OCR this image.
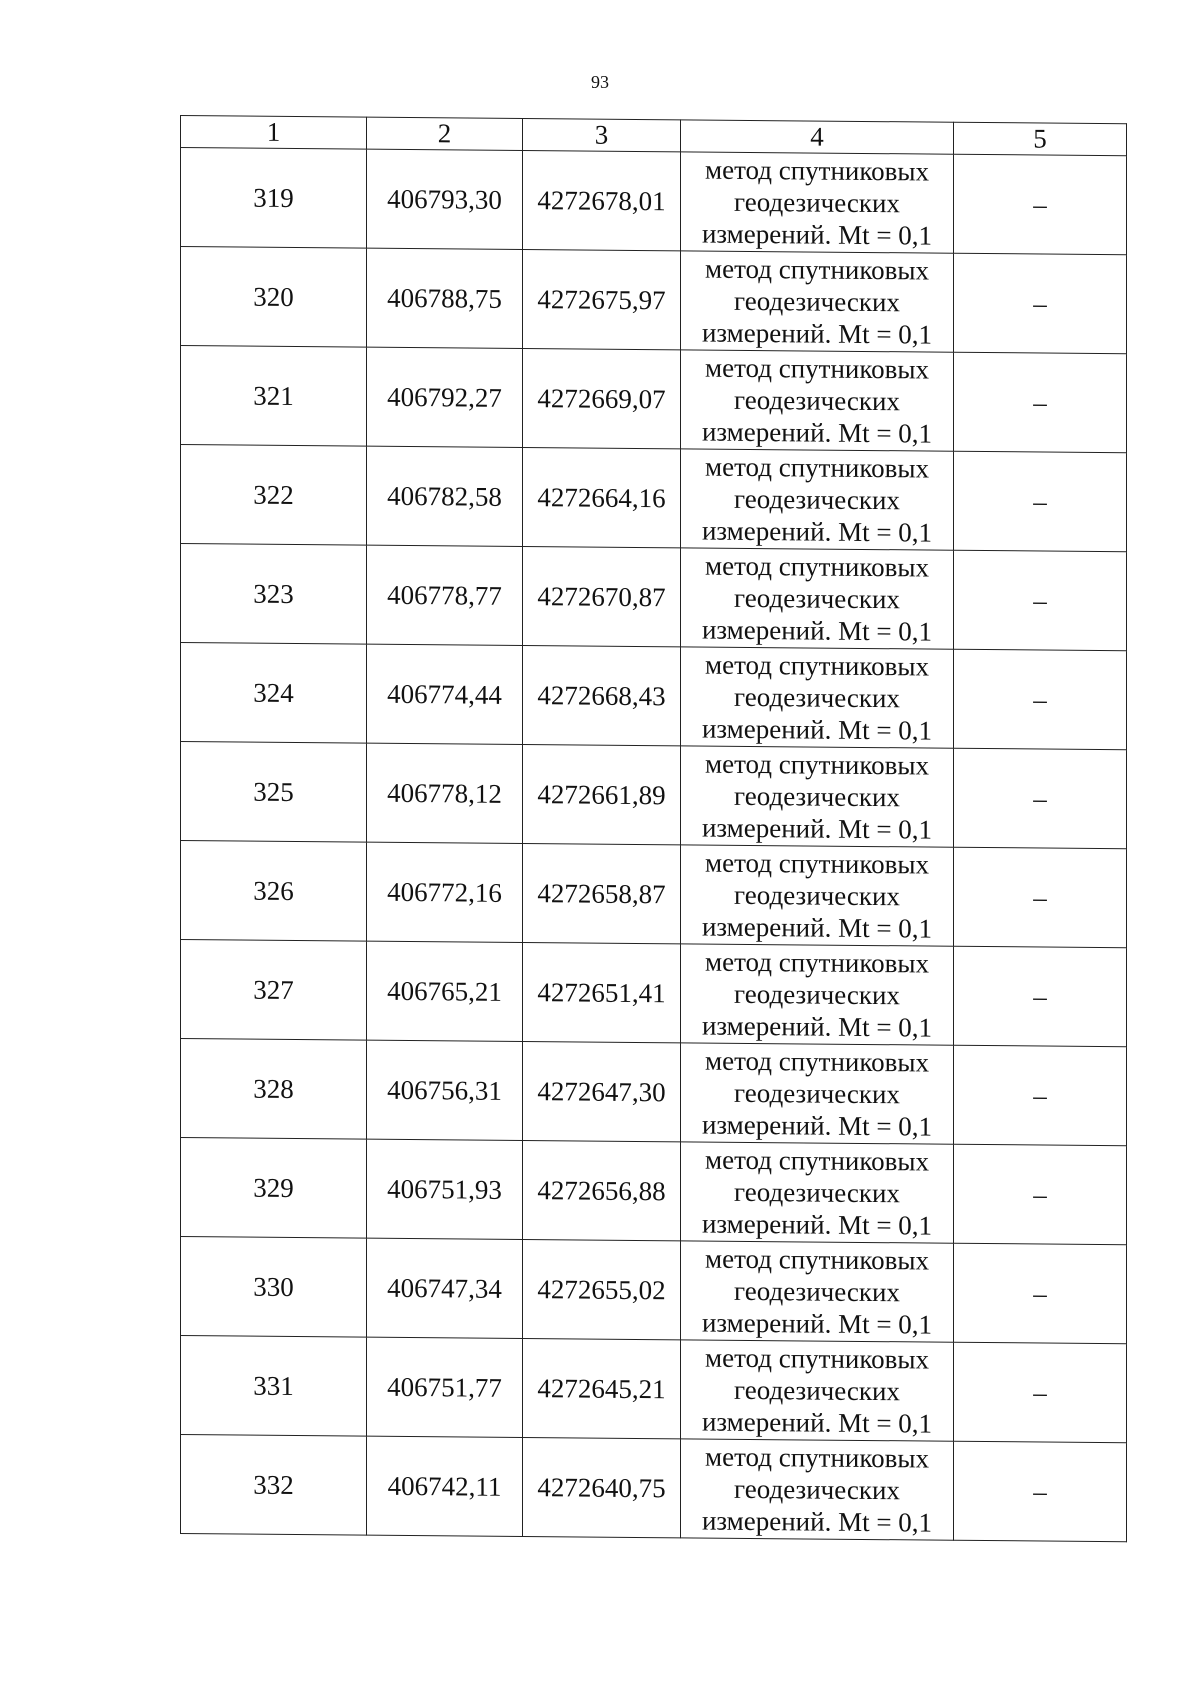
93
1	2	3	4	5
319	406793,30	4272678,01	метод спутниковых
геодезических
измерений. Mt = 0,1	–
320	406788,75	4272675,97	метод спутниковых
геодезических
измерений. Mt = 0,1	–
321	406792,27	4272669,07	метод спутниковых
геодезических
измерений. Mt = 0,1	–
322	406782,58	4272664,16	метод спутниковых
геодезических
измерений. Mt = 0,1	–
323	406778,77	4272670,87	метод спутниковых
геодезических
измерений. Mt = 0,1	–
324	406774,44	4272668,43	метод спутниковых
геодезических
измерений. Mt = 0,1	–
325	406778,12	4272661,89	метод спутниковых
геодезических
измерений. Mt = 0,1	–
326	406772,16	4272658,87	метод спутниковых
геодезических
измерений. Mt = 0,1	–
327	406765,21	4272651,41	метод спутниковых
геодезических
измерений. Mt = 0,1	–
328	406756,31	4272647,30	метод спутниковых
геодезических
измерений. Mt = 0,1	–
329	406751,93	4272656,88	метод спутниковых
геодезических
измерений. Mt = 0,1	–
330	406747,34	4272655,02	метод спутниковых
геодезических
измерений. Mt = 0,1	–
331	406751,77	4272645,21	метод спутниковых
геодезических
измерений. Mt = 0,1	–
332	406742,11	4272640,75	метод спутниковых
геодезических
измерений. Mt = 0,1	–
